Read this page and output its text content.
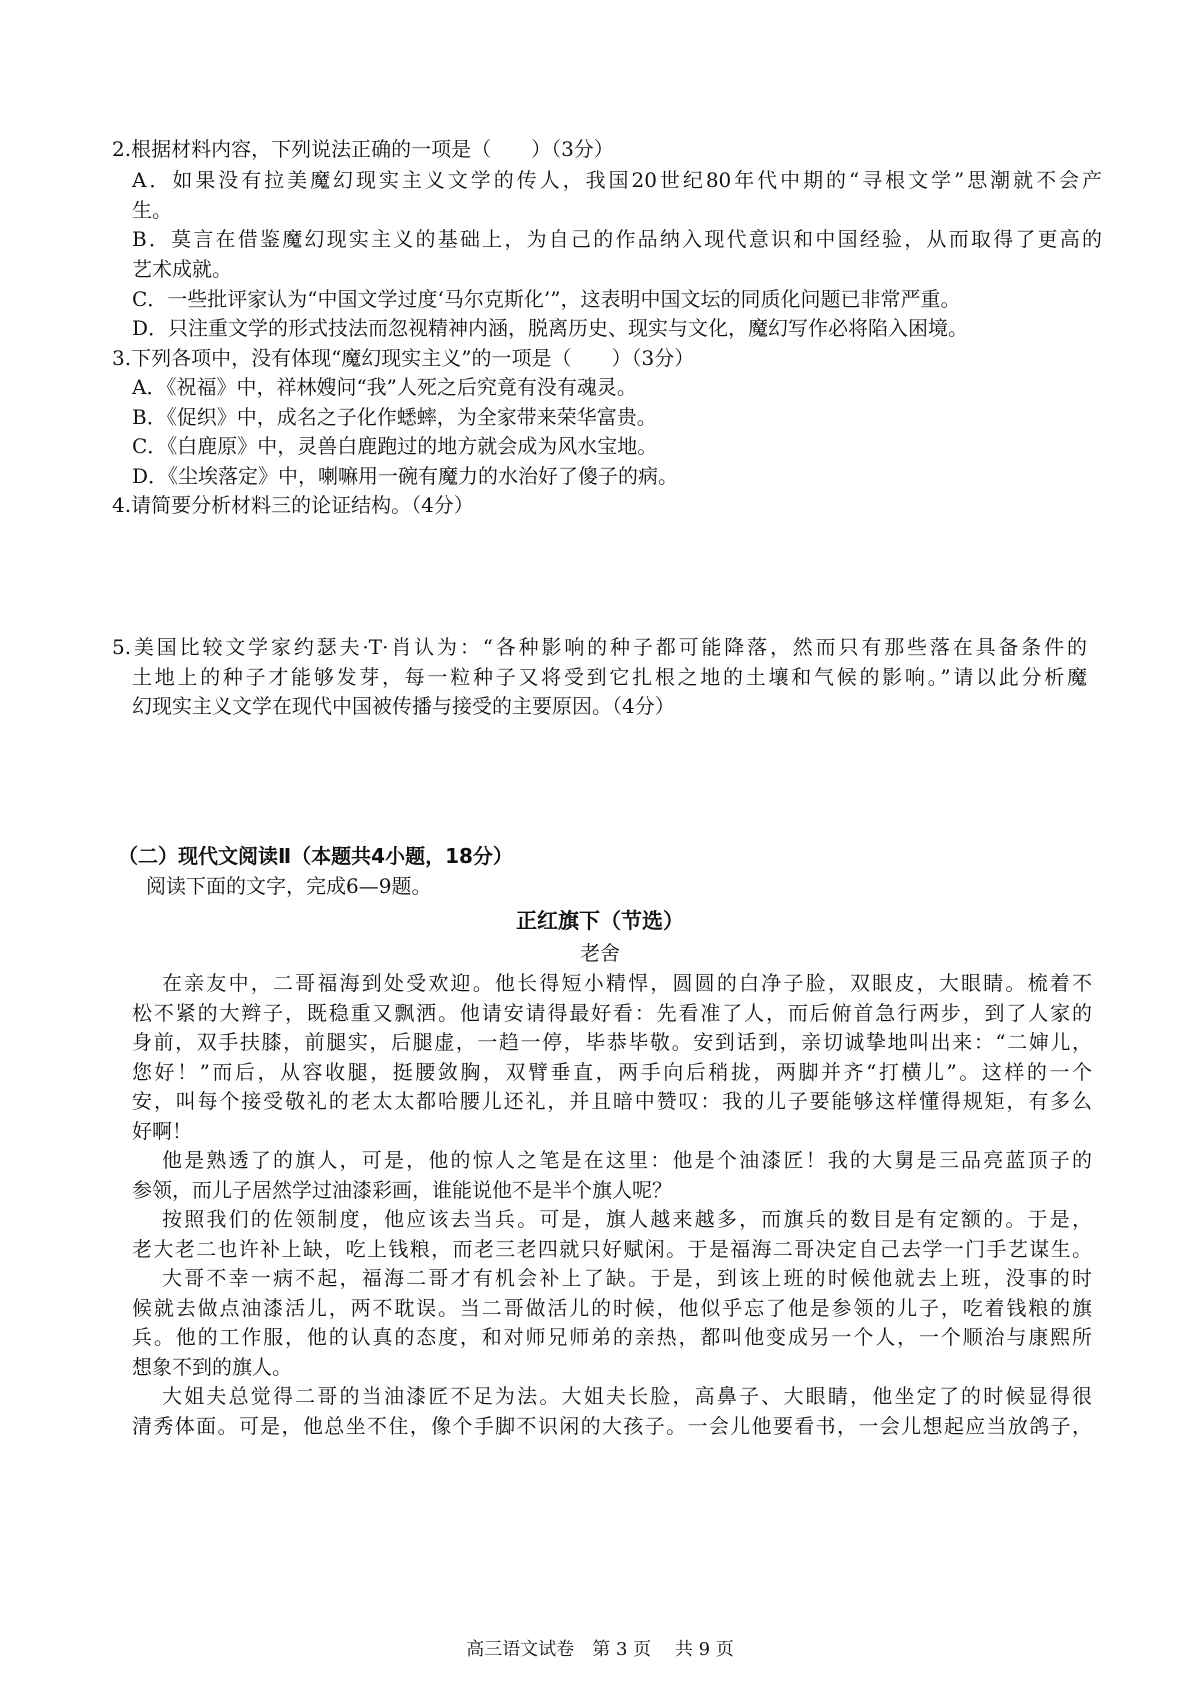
2.根据材料内容，下列说法正确的一项是（　　）（3分）
A．如果没有拉美魔幻现实主义文学的传人，我国20世纪80年代中期的“寻根文学”思潮就不会产
生。
B．莫言在借鉴魔幻现实主义的基础上，为自己的作品纳入现代意识和中国经验，从而取得了更高的
艺术成就。
C．一些批评家认为“中国文学过度‘马尔克斯化’”，这表明中国文坛的同质化问题已非常严重。
D．只注重文学的形式技法而忽视精神内涵，脱离历史、现实与文化，魔幻写作必将陷入困境。
3.下列各项中，没有体现“魔幻现实主义”的一项是（　　）（3分）
A．《祝福》中，祥林嫂问“我”人死之后究竟有没有魂灵。
B．《促织》中，成名之子化作蟋蟀，为全家带来荣华富贵。
C．《白鹿原》中，灵兽白鹿跑过的地方就会成为风水宝地。
D．《尘埃落定》中，喇嘛用一碗有魔力的水治好了傻子的病。
4.请简要分析材料三的论证结构。（4分）
5.美国比较文学家约瑟夫·T·肖认为：“各种影响的种子都可能降落，然而只有那些落在具备条件的
土地上的种子才能够发芽，每一粒种子又将受到它扎根之地的土壤和气候的影响。”请以此分析魔
幻现实主义文学在现代中国被传播与接受的主要原因。（4分）
（二）现代文阅读Ⅱ（本题共4小题，18分）
阅读下面的文字，完成6—9题。
正红旗下（节选）
老舍
在亲友中，二哥福海到处受欢迎。他长得短小精悍，圆圆的白净子脸，双眼皮，大眼睛。梳着不
松不紧的大辫子，既稳重又飘洒。他请安请得最好看：先看准了人，而后俯首急行两步，到了人家的
身前，双手扶膝，前腿实，后腿虚，一趋一停，毕恭毕敬。安到话到，亲切诚挚地叫出来：“二婶儿，
您好！”而后，从容收腿，挺腰敛胸，双臂垂直，两手向后稍拢，两脚并齐“打横儿”。这样的一个
安，叫每个接受敬礼的老太太都哈腰儿还礼，并且暗中赞叹：我的儿子要能够这样懂得规矩，有多么
好啊！
他是熟透了的旗人，可是，他的惊人之笔是在这里：他是个油漆匠！我的大舅是三品亮蓝顶子的
参领，而儿子居然学过油漆彩画，谁能说他不是半个旗人呢？
按照我们的佐领制度，他应该去当兵。可是，旗人越来越多，而旗兵的数目是有定额的。于是，
老大老二也许补上缺，吃上钱粮，而老三老四就只好赋闲。于是福海二哥决定自己去学一门手艺谋生。
大哥不幸一病不起，福海二哥才有机会补上了缺。于是，到该上班的时候他就去上班，没事的时
候就去做点油漆活儿，两不耽误。当二哥做活儿的时候，他似乎忘了他是参领的儿子，吃着钱粮的旗
兵。他的工作服，他的认真的态度，和对师兄师弟的亲热，都叫他变成另一个人，一个顺治与康熙所
想象不到的旗人。
大姐夫总觉得二哥的当油漆匠不足为法。大姐夫长脸，高鼻子、大眼睛，他坐定了的时候显得很
清秀体面。可是，他总坐不住，像个手脚不识闲的大孩子。一会儿他要看书，一会儿想起应当放鸽子，
高三语文试卷　第 3 页　 共 9 页
